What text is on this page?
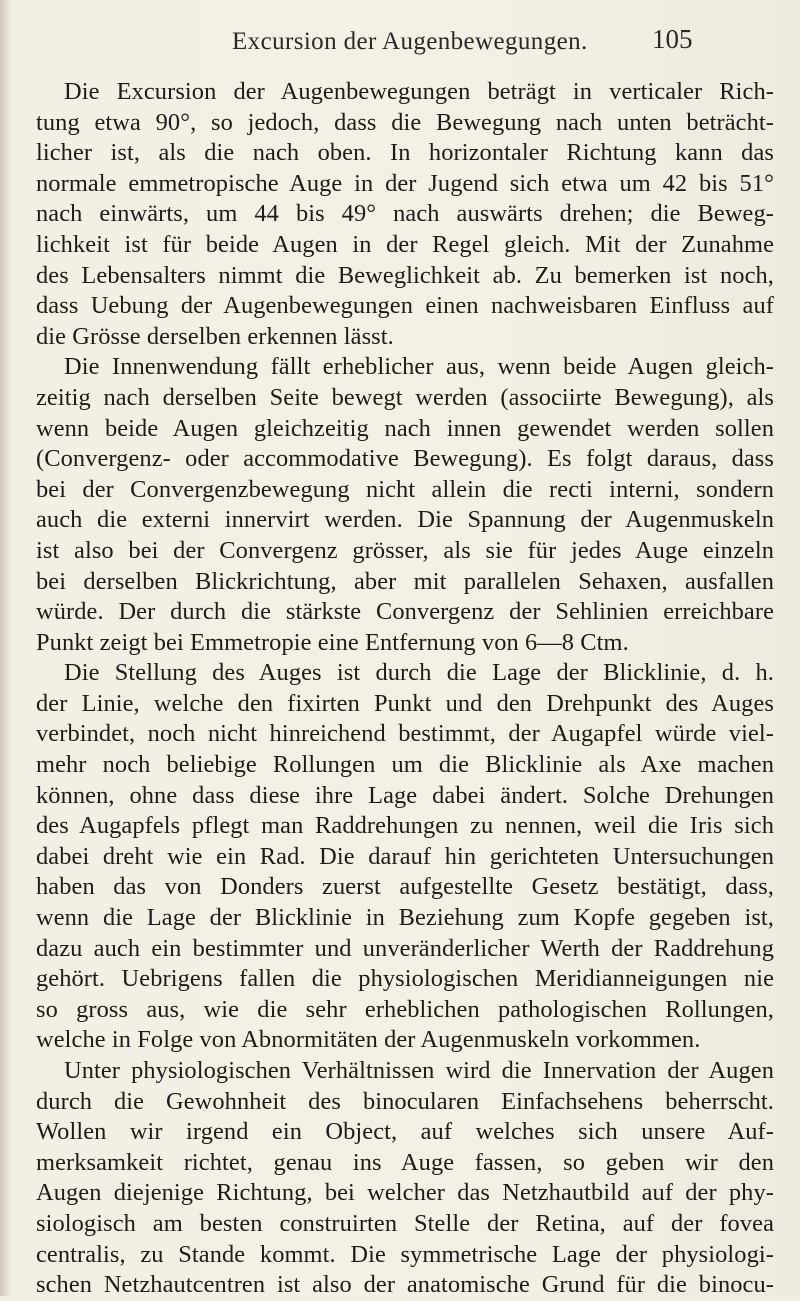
Excursion der Augenbewegungen. 105
Die Excursion der Augenbewegungen beträgt in verticaler Rich-
tung etwa 90°, so jedoch, dass die Bewegung nach unten beträcht-
licher ist, als die nach oben. In horizontaler Richtung kann das
normale emmetropische Auge in der Jugend sich etwa um 42 bis 51°
nach einwärts, um 44 bis 49° nach auswärts drehen; die Beweg-
lichkeit ist für beide Augen in der Regel gleich. Mit der Zunahme
des Lebensalters nimmt die Beweglichkeit ab. Zu bemerken ist noch,
dass Uebung der Augenbewegungen einen nachweisbaren Einfluss auf
die Grösse derselben erkennen lässt.
Die Innenwendung fällt erheblicher aus, wenn beide Augen gleich-
zeitig nach derselben Seite bewegt werden (associirte Bewegung), als
wenn beide Augen gleichzeitig nach innen gewendet werden sollen
(Convergenz- oder accommodative Bewegung). Es folgt daraus, dass
bei der Convergenzbewegung nicht allein die recti interni, sondern
auch die externi innervirt werden. Die Spannung der Augenmuskeln
ist also bei der Convergenz grösser, als sie für jedes Auge einzeln
bei derselben Blickrichtung, aber mit parallelen Sehaxen, ausfallen
würde. Der durch die stärkste Convergenz der Sehlinien erreichbare
Punkt zeigt bei Emmetropie eine Entfernung von 6—8 Ctm.
Die Stellung des Auges ist durch die Lage der Blicklinie, d. h.
der Linie, welche den fixirten Punkt und den Drehpunkt des Auges
verbindet, noch nicht hinreichend bestimmt, der Augapfel würde viel-
mehr noch beliebige Rollungen um die Blicklinie als Axe machen
können, ohne dass diese ihre Lage dabei ändert. Solche Drehungen
des Augapfels pflegt man Raddrehungen zu nennen, weil die Iris sich
dabei dreht wie ein Rad. Die darauf hin gerichteten Untersuchungen
haben das von Donders zuerst aufgestellte Gesetz bestätigt, dass,
wenn die Lage der Blicklinie in Beziehung zum Kopfe gegeben ist,
dazu auch ein bestimmter und unveränderlicher Werth der Raddrehung
gehört. Uebrigens fallen die physiologischen Meridianneigungen nie
so gross aus, wie die sehr erheblichen pathologischen Rollungen,
welche in Folge von Abnormitäten der Augenmuskeln vorkommen.
Unter physiologischen Verhältnissen wird die Innervation der Augen
durch die Gewohnheit des binocularen Einfachsehens beherrscht.
Wollen wir irgend ein Object, auf welches sich unsere Auf-
merksamkeit richtet, genau ins Auge fassen, so geben wir den
Augen diejenige Richtung, bei welcher das Netzhautbild auf der phy-
siologisch am besten construirten Stelle der Retina, auf der fovea
centralis, zu Stande kommt. Die symmetrische Lage der physiologi-
schen Netzhautcentren ist also der anatomische Grund für die binocu-
